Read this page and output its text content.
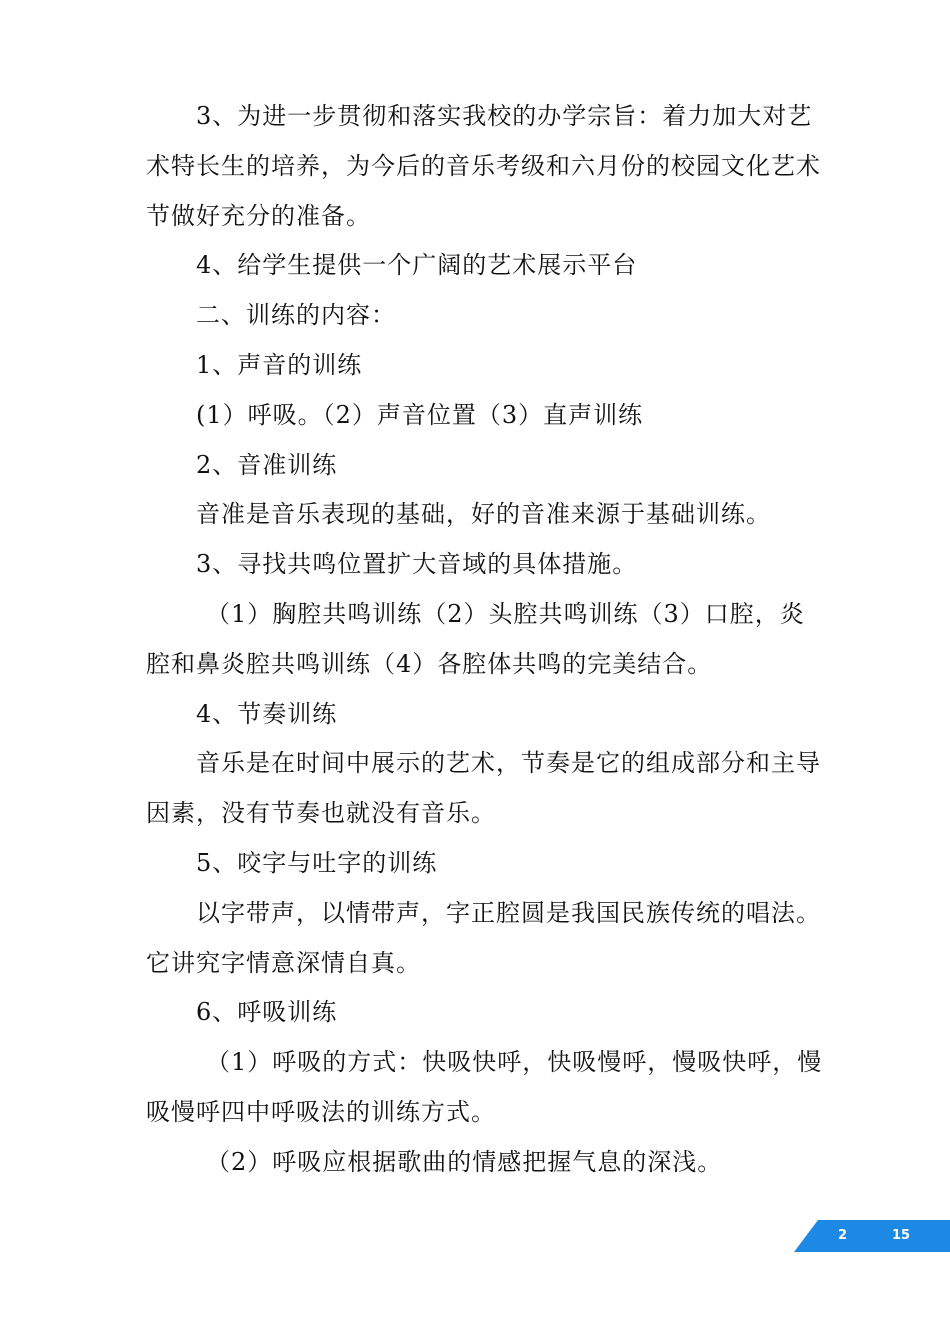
3、为进一步贯彻和落实我校的办学宗旨：着力加大对艺术特长生的培养，为今后的音乐考级和六月份的校园文化艺术节做好充分的准备。

4、给学生提供一个广阔的艺术展示平台

二、训练的内容：

1、声音的训练

(1）呼吸。（2）声音位置（3）直声训练

2、音准训练

音准是音乐表现的基础，好的音准来源于基础训练。

3、寻找共鸣位置扩大音域的具体措施。

（1）胸腔共鸣训练（2）头腔共鸣训练（3）口腔，炎腔和鼻炎腔共鸣训练（4）各腔体共鸣的完美结合。

4、节奏训练

音乐是在时间中展示的艺术，节奏是它的组成部分和主导因素，没有节奏也就没有音乐。

5、咬字与吐字的训练

以字带声，以情带声，字正腔圆是我国民族传统的唱法。它讲究字情意深情自真。

6、呼吸训练

（1）呼吸的方式：快吸快呼，快吸慢呼，慢吸快呼，慢吸慢呼四中呼吸法的训练方式。

（2）呼吸应根据歌曲的情感把握气息的深浅。

2	15
